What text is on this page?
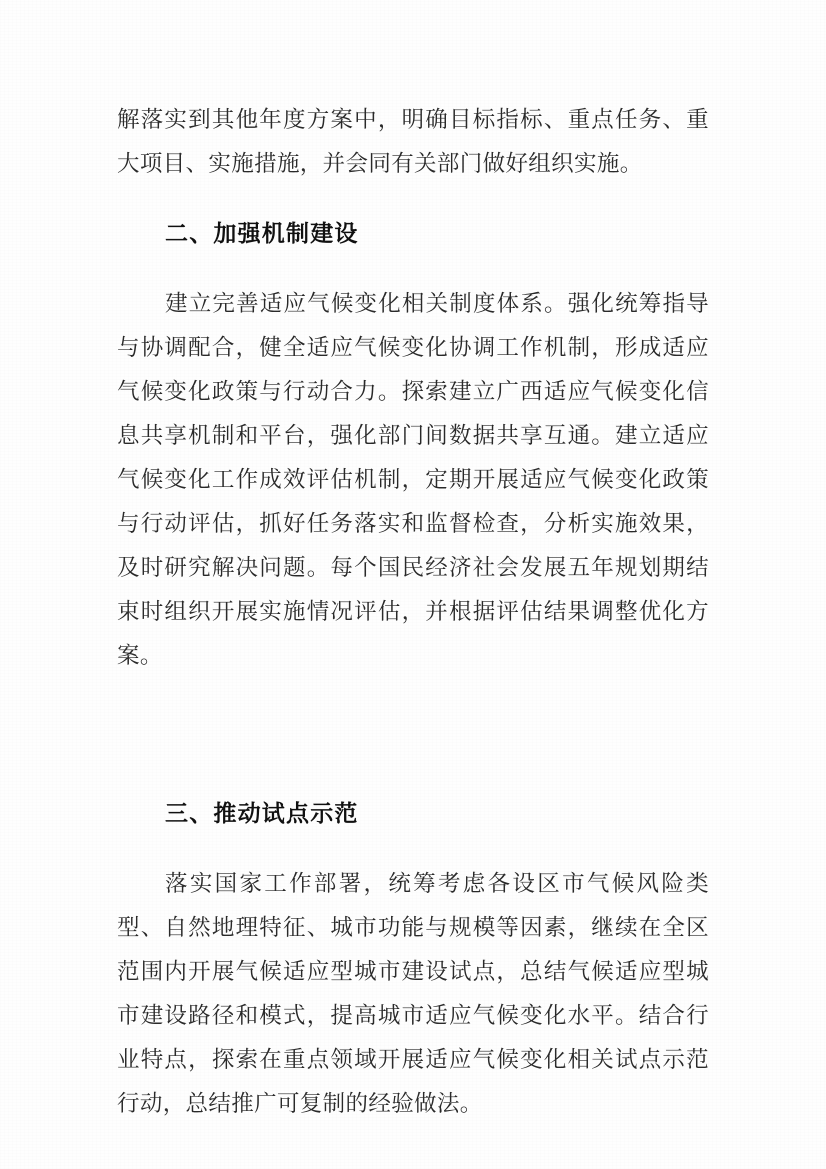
解落实到其他年度方案中，明确目标指标、重点任务、重大项目、实施措施，并会同有关部门做好组织实施。

二、加强机制建设

建立完善适应气候变化相关制度体系。强化统筹指导与协调配合，健全适应气候变化协调工作机制，形成适应气候变化政策与行动合力。探索建立广西适应气候变化信息共享机制和平台，强化部门间数据共享互通。建立适应气候变化工作成效评估机制，定期开展适应气候变化政策与行动评估，抓好任务落实和监督检查，分析实施效果，及时研究解决问题。每个国民经济社会发展五年规划期结束时组织开展实施情况评估，并根据评估结果调整优化方案。

三、推动试点示范

落实国家工作部署，统筹考虑各设区市气候风险类型、自然地理特征、城市功能与规模等因素，继续在全区范围内开展气候适应型城市建设试点，总结气候适应型城市建设路径和模式，提高城市适应气候变化水平。结合行业特点，探索在重点领域开展适应气候变化相关试点示范行动，总结推广可复制的经验做法。
